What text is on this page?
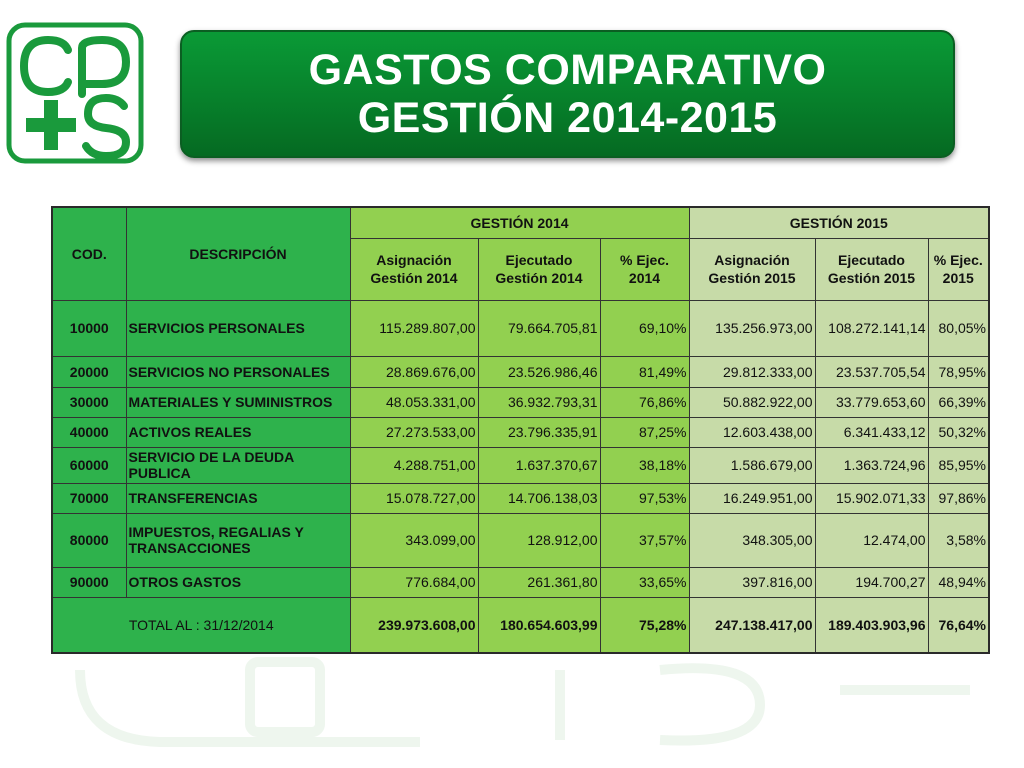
GASTOS COMPARATIVO
GESTIÓN 2014-2015
COD.	DESCRIPCIÓN	GESTIÓN 2014			GESTIÓN 2015		
		Asignación Gestión 2014	Ejecutado Gestión 2014	% Ejec. 2014	Asignación Gestión 2015	Ejecutado Gestión 2015	% Ejec. 2015
10000	SERVICIOS PERSONALES	115.289.807,00	79.664.705,81	69,10%	135.256.973,00	108.272.141,14	80,05%
20000	SERVICIOS NO PERSONALES	28.869.676,00	23.526.986,46	81,49%	29.812.333,00	23.537.705,54	78,95%
30000	MATERIALES Y SUMINISTROS	48.053.331,00	36.932.793,31	76,86%	50.882.922,00	33.779.653,60	66,39%
40000	ACTIVOS REALES	27.273.533,00	23.796.335,91	87,25%	12.603.438,00	6.341.433,12	50,32%
60000	SERVICIO DE LA DEUDA PUBLICA	4.288.751,00	1.637.370,67	38,18%	1.586.679,00	1.363.724,96	85,95%
70000	TRANSFERENCIAS	15.078.727,00	14.706.138,03	97,53%	16.249.951,00	15.902.071,33	97,86%
80000	IMPUESTOS, REGALIAS Y TRANSACCIONES	343.099,00	128.912,00	37,57%	348.305,00	12.474,00	3,58%
90000	OTROS GASTOS	776.684,00	261.361,80	33,65%	397.816,00	194.700,27	48,94%
TOTAL AL : 31/12/2014		239.973.608,00	180.654.603,99	75,28%	247.138.417,00	189.403.903,96	76,64%
